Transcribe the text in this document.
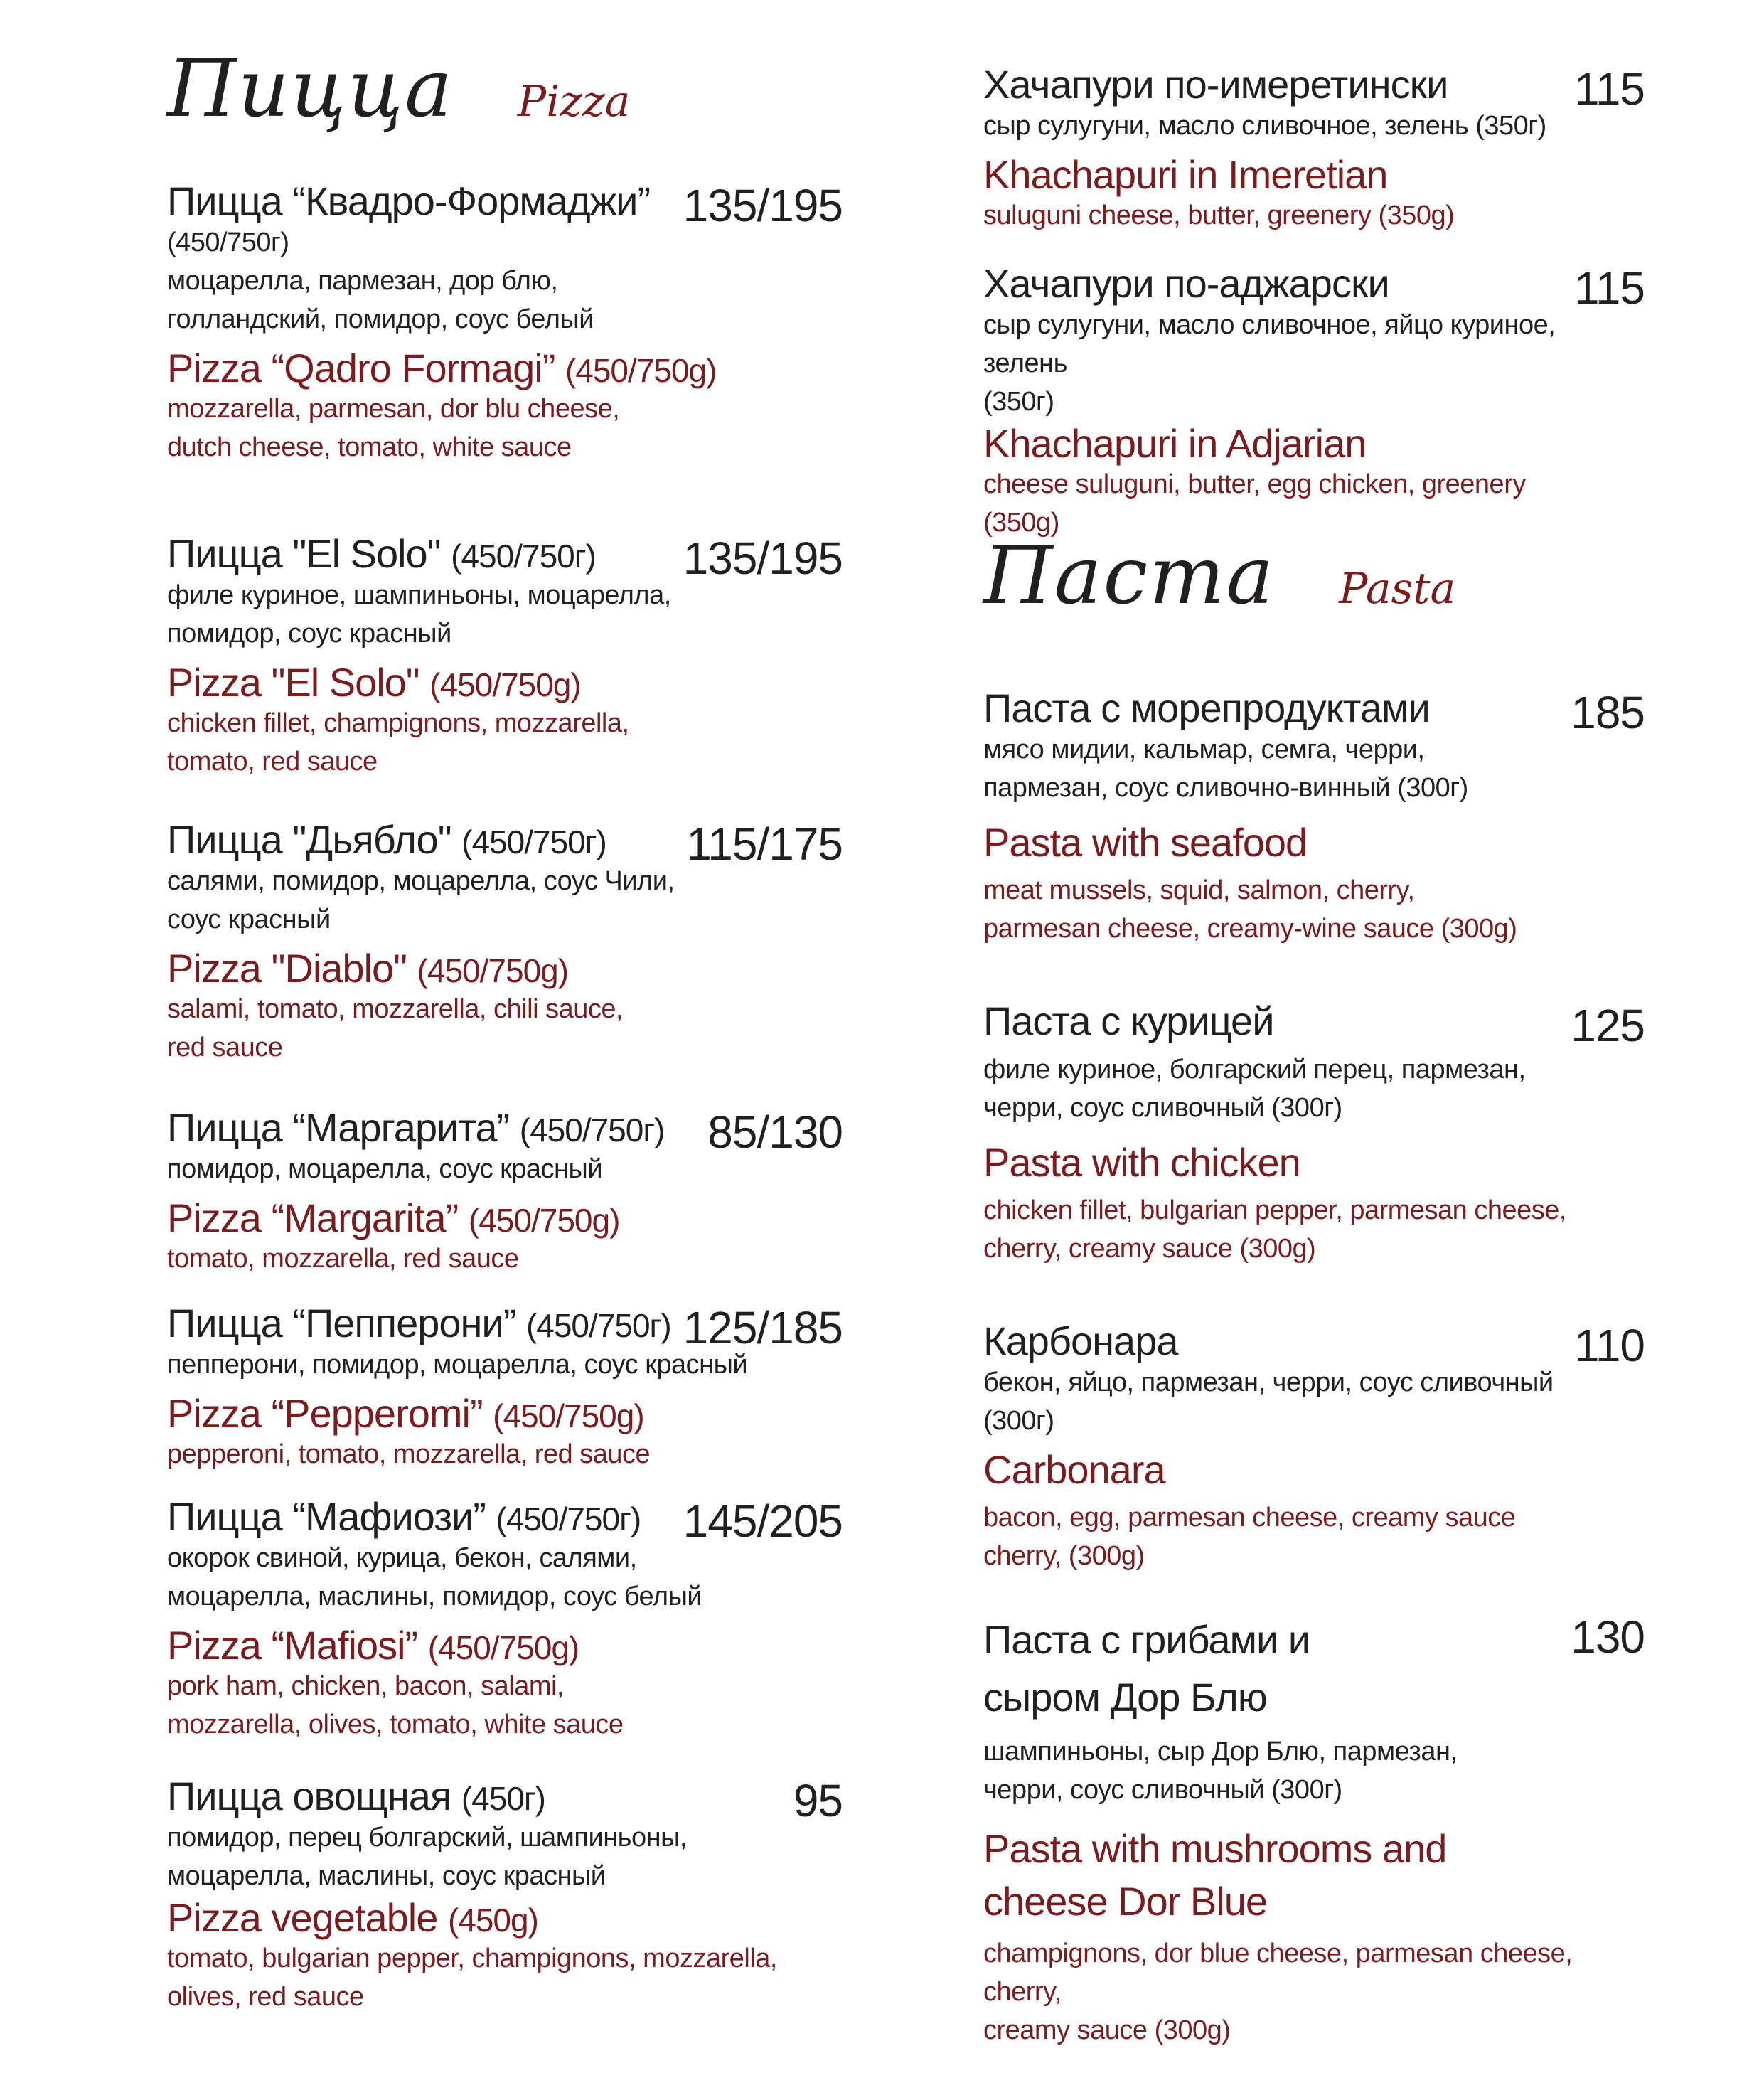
Пицца Pizza
Пицца “Квадро-Формаджи”
(450/750г)
моцарелла, пармезан, дор блю,
голландский, помидор, соус белый
Pizza “Qadro Formagi” (450/750g)
mozzarella, parmesan, dor blu cheese,
dutch cheese, tomato, white sauce
135/195
Пицца "El Solo" (450/750г)
филе куриное, шампиньоны, моцарелла,
помидор, соус красный
Pizza "El Solo" (450/750g)
chicken fillet, champignons, mozzarella,
tomato, red sauce
135/195
Пицца "Дьябло" (450/750г)
салями, помидор, моцарелла, соус Чили,
соус красный
Pizza "Diablo" (450/750g)
salami, tomato, mozzarella, chili sauce,
red sauce
115/175
Пицца “Маргарита” (450/750г)
помидор, моцарелла, соус красный
Pizza “Margarita” (450/750g)
tomato, mozzarella, red sauce
85/130
Пицца “Пепперони” (450/750г)
пепперони, помидор, моцарелла, соус красный
Pizza “Pepperomi” (450/750g)
pepperoni, tomato, mozzarella, red sauce
125/185
Пицца “Мафиози” (450/750г)
окорок свиной, курица, бекон, салями,
моцарелла, маслины, помидор, соус белый
Pizza “Mafiosi” (450/750g)
pork ham, chicken, bacon, salami,
mozzarella, olives, tomato, white sauce
145/205
Пицца овощная (450г)
помидор, перец болгарский, шампиньоны,
моцарелла, маслины, соус красный
Pizza vegetable (450g)
tomato, bulgarian pepper, champignons, mozzarella,
olives, red sauce
95
Хачапури по-имеретински
сыр сулугуни, масло сливочное, зелень (350г)
Khachapuri in Imeretian
suluguni cheese, butter, greenery (350g)
115
Хачапури по-аджарски
сыр сулугуни, масло сливочное, яйцо куриное, зелень
(350г)
Khachapuri in Adjarian
cheese suluguni, butter, egg chicken, greenery
(350g)
115
Паста Pasta
Паста с морепродуктами
мясо мидии, кальмар, семга, черри,
пармезан, соус сливочно-винный (300г)
Pasta with seafood
meat mussels, squid, salmon, cherry,
parmesan cheese, creamy-wine sauce (300g)
185
Паста с курицей
филе куриное, болгарский перец, пармезан,
черри, соус сливочный (300г)
Pasta with chicken
chicken fillet, bulgarian pepper, parmesan cheese,
cherry, creamy sauce (300g)
125
Карбонара
бекон, яйцо, пармезан, черри, соус сливочный
(300г)
Carbonara
bacon, egg, parmesan cheese, creamy sauce
cherry, (300g)
110
Паста с грибами и
сыром Дор Блю
шампиньоны, сыр Дор Блю, пармезан,
черри, соус сливочный (300г)
Pasta with mushrooms and
cheese Dor Blue
champignons, dor blue cheese, parmesan cheese, cherry,
creamy sauce (300g)
130
